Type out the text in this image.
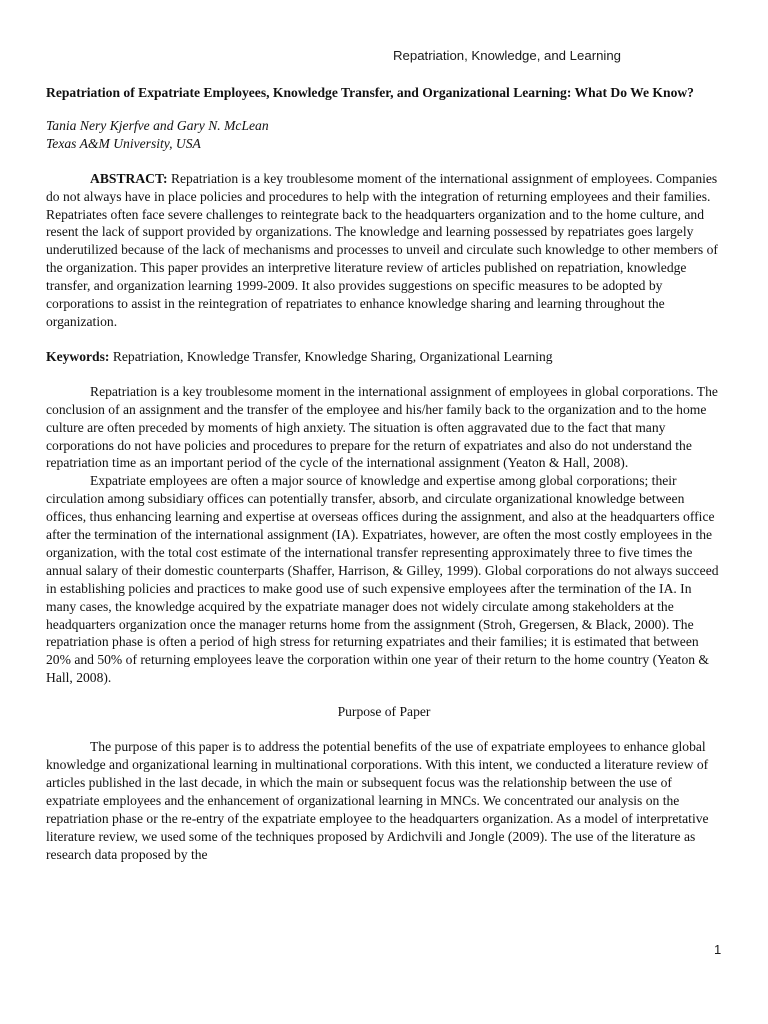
Repatriation, Knowledge, and Learning

Repatriation of Expatriate Employees, Knowledge Transfer, and Organizational Learning: What Do We Know?

Tania Nery Kjerfve and Gary N. McLean
Texas A&M University, USA

ABSTRACT: Repatriation is a key troublesome moment of the international assignment of employees. Companies do not always have in place policies and procedures to help with the integration of returning employees and their families. Repatriates often face severe challenges to reintegrate back to the headquarters organization and to the home culture, and resent the lack of support provided by organizations. The knowledge and learning possessed by repatriates goes largely underutilized because of the lack of mechanisms and processes to unveil and circulate such knowledge to other members of the organization. This paper provides an interpretive literature review of articles published on repatriation, knowledge transfer, and organization learning 1999-2009. It also provides suggestions on specific measures to be adopted by corporations to assist in the reintegration of repatriates to enhance knowledge sharing and learning throughout the organization.

Keywords: Repatriation, Knowledge Transfer, Knowledge Sharing, Organizational Learning

Repatriation is a key troublesome moment in the international assignment of employees in global corporations. The conclusion of an assignment and the transfer of the employee and his/her family back to the organization and to the home culture are often preceded by moments of high anxiety. The situation is often aggravated due to the fact that many corporations do not have policies and procedures to prepare for the return of expatriates and also do not understand the repatriation time as an important period of the cycle of the international assignment (Yeaton & Hall, 2008).

Expatriate employees are often a major source of knowledge and expertise among global corporations; their circulation among subsidiary offices can potentially transfer, absorb, and circulate organizational knowledge between offices, thus enhancing learning and expertise at overseas offices during the assignment, and also at the headquarters office after the termination of the international assignment (IA). Expatriates, however, are often the most costly employees in the organization, with the total cost estimate of the international transfer representing approximately three to five times the annual salary of their domestic counterparts (Shaffer, Harrison, & Gilley, 1999). Global corporations do not always succeed in establishing policies and practices to make good use of such expensive employees after the termination of the IA. In many cases, the knowledge acquired by the expatriate manager does not widely circulate among stakeholders at the headquarters organization once the manager returns home from the assignment (Stroh, Gregersen, & Black, 2000). The repatriation phase is often a period of high stress for returning expatriates and their families; it is estimated that between 20% and 50% of returning employees leave the corporation within one year of their return to the home country (Yeaton & Hall, 2008).

Purpose of Paper

The purpose of this paper is to address the potential benefits of the use of expatriate employees to enhance global knowledge and organizational learning in multinational corporations. With this intent, we conducted a literature review of articles published in the last decade, in which the main or subsequent focus was the relationship between the use of expatriate employees and the enhancement of organizational learning in MNCs. We concentrated our analysis on the repatriation phase or the re-entry of the expatriate employee to the headquarters organization. As a model of interpretative literature review, we used some of the techniques proposed by Ardichvili and Jongle (2009). The use of the literature as research data proposed by the

1
